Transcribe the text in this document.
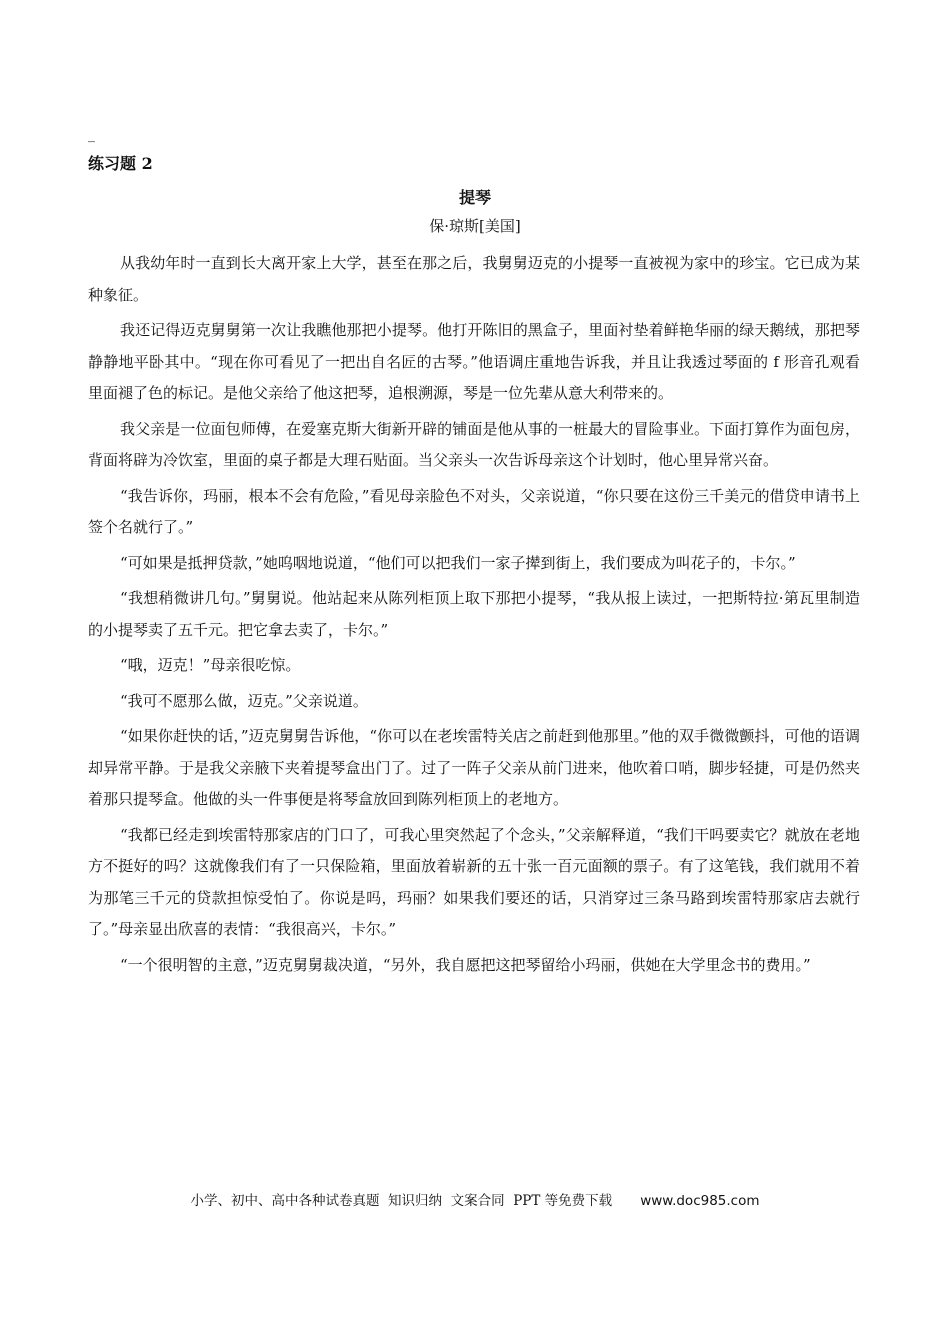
_
练习题 2
提琴
保·琼斯[美国]

从我幼年时一直到长大离开家上大学，甚至在那之后，我舅舅迈克的小提琴一直被视为家中的珍宝。它已成为某种象征。

我还记得迈克舅舅第一次让我瞧他那把小提琴。他打开陈旧的黑盒子，里面衬垫着鲜艳华丽的绿天鹅绒，那把琴静静地平卧其中。“现在你可看见了一把出自名匠的古琴。”他语调庄重地告诉我，并且让我透过琴面的 f 形音孔观看里面褪了色的标记。是他父亲给了他这把琴，追根溯源，琴是一位先辈从意大利带来的。

我父亲是一位面包师傅，在爱塞克斯大街新开辟的铺面是他从事的一桩最大的冒险事业。下面打算作为面包房，背面将辟为冷饮室，里面的桌子都是大理石贴面。当父亲头一次告诉母亲这个计划时，他心里异常兴奋。

“我告诉你，玛丽，根本不会有危险，”看见母亲脸色不对头，父亲说道，“你只要在这份三千美元的借贷申请书上签个名就行了。”

“可如果是抵押贷款，”她呜咽地说道，“他们可以把我们一家子撵到街上，我们要成为叫花子的，卡尔。”

“我想稍微讲几句。”舅舅说。他站起来从陈列柜顶上取下那把小提琴，“我从报上读过，一把斯特拉·第瓦里制造的小提琴卖了五千元。把它拿去卖了，卡尔。”

“哦，迈克！”母亲很吃惊。

“我可不愿那么做，迈克。”父亲说道。

“如果你赶快的话，”迈克舅舅告诉他，“你可以在老埃雷特关店之前赶到他那里。”他的双手微微颤抖，可他的语调却异常平静。于是我父亲腋下夹着提琴盒出门了。过了一阵子父亲从前门进来，他吹着口哨，脚步轻捷，可是仍然夹着那只提琴盒。他做的头一件事便是将琴盒放回到陈列柜顶上的老地方。

“我都已经走到埃雷特那家店的门口了，可我心里突然起了个念头，”父亲解释道，“我们干吗要卖它？就放在老地方不挺好的吗？这就像我们有了一只保险箱，里面放着崭新的五十张一百元面额的票子。有了这笔钱，我们就用不着为那笔三千元的贷款担惊受怕了。你说是吗，玛丽？如果我们要还的话，只消穿过三条马路到埃雷特那家店去就行了。”母亲显出欣喜的表情：“我很高兴，卡尔。”

“一个很明智的主意，”迈克舅舅裁决道，“另外，我自愿把这把琴留给小玛丽，供她在大学里念书的费用。”

小学、初中、高中各种试卷真题  知识归纳  文案合同  PPT 等免费下载 www.doc985.com
